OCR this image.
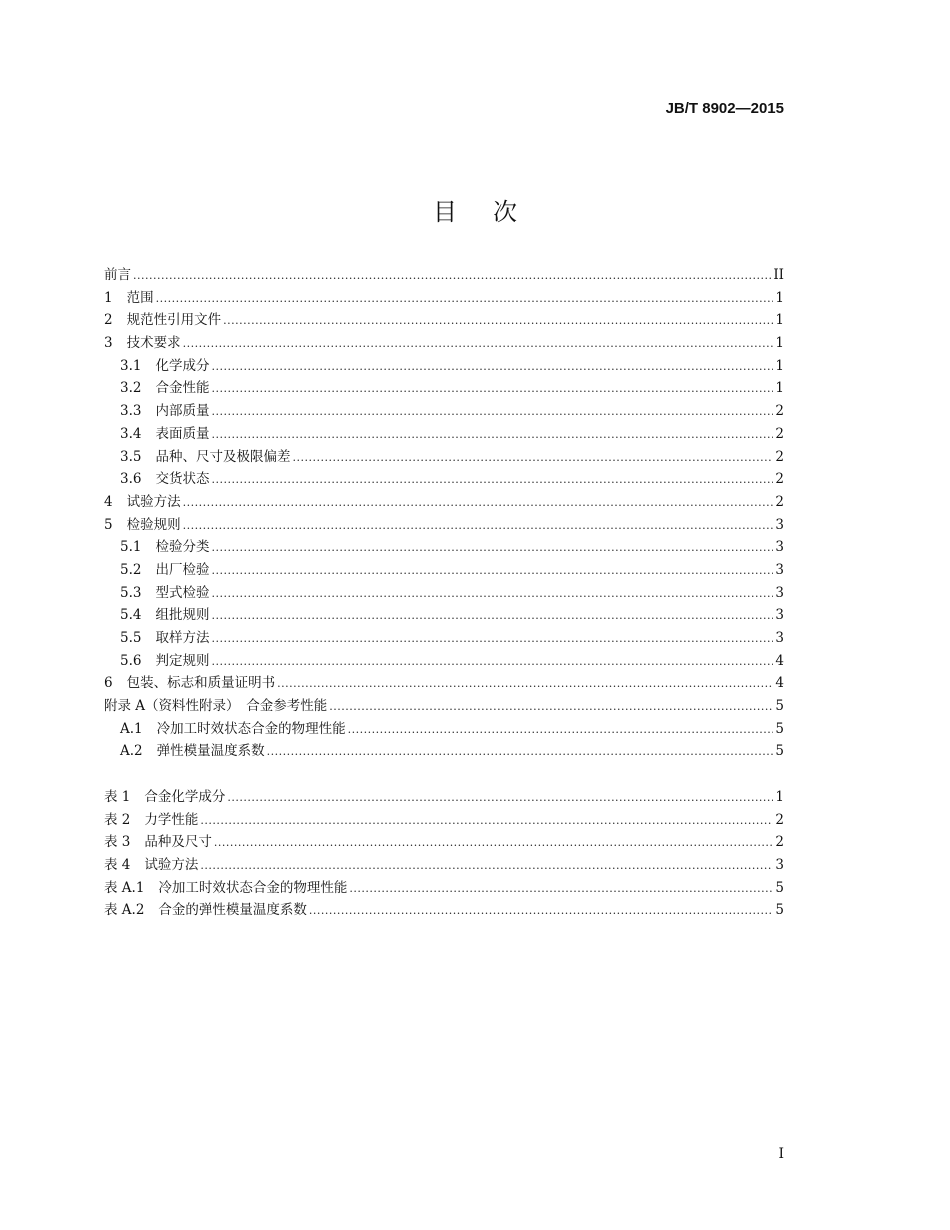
JB/T 8902—2015
目次
前言 .....	II
1 范围 .....	1
2 规范性引用文件 .....	1
3 技术要求 .....	1
3.1 化学成分 .....	1
3.2 合金性能 .....	1
3.3 内部质量 .....	2
3.4 表面质量 .....	2
3.5 品种、尺寸及极限偏差 .....	2
3.6 交货状态 .....	2
4 试验方法 .....	2
5 检验规则 .....	3
5.1 检验分类 .....	3
5.2 出厂检验 .....	3
5.3 型式检验 .....	3
5.4 组批规则 .....	3
5.5 取样方法 .....	3
5.6 判定规则 .....	4
6 包装、标志和质量证明书 .....	4
附录 A （资料性附录）　合金参考性能 .....	5
A.1 冷加工时效状态合金的物理性能 .....	5
A.2 弹性模量温度系数 .....	5
表 1 合金化学成分 .....	1
表 2 力学性能 .....	2
表 3 品种及尺寸 .....	2
表 4 试验方法 .....	3
表 A.1 冷加工时效状态合金的物理性能 .....	5
表 A.2 合金的弹性模量温度系数 .....	5
I
